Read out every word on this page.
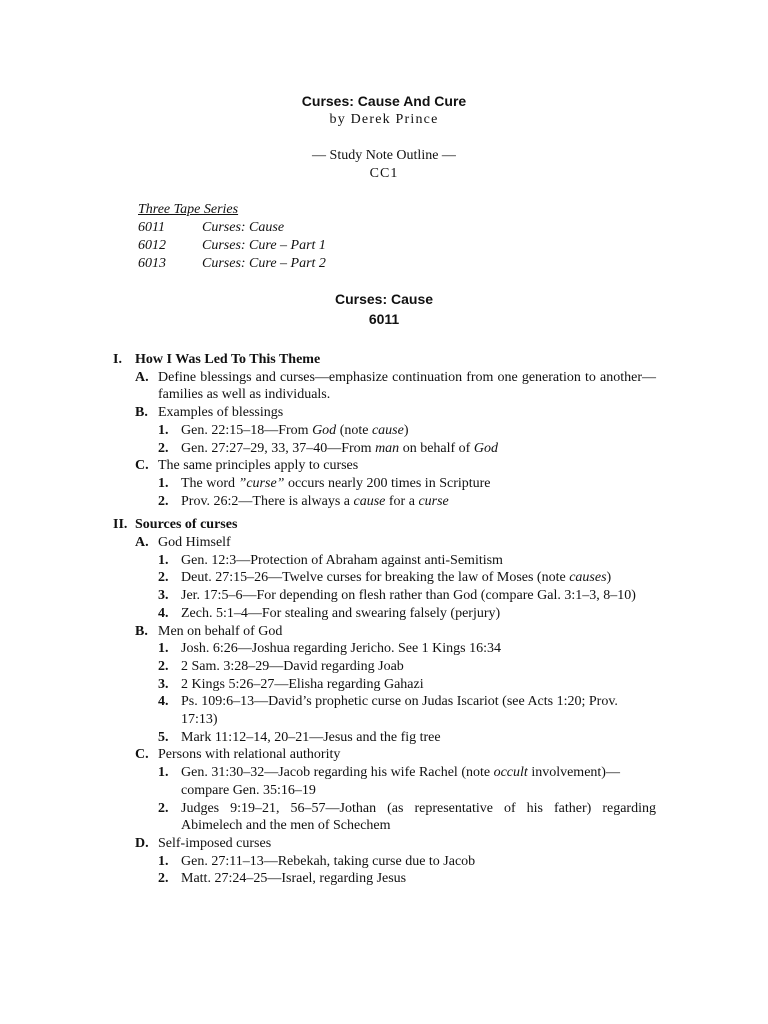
Curses: Cause And Cure
by Derek Prince
— Study Note Outline —
CC1
Three Tape Series
6011	Curses: Cause
6012	Curses: Cure – Part 1
6013	Curses: Cure – Part 2
Curses: Cause
6011
I. How I Was Led To This Theme
A. Define blessings and curses—emphasize continuation from one generation to another—families as well as individuals.
B. Examples of blessings
1. Gen. 22:15–18—From God (note cause)
2. Gen. 27:27–29, 33, 37–40—From man on behalf of God
C. The same principles apply to curses
1. The word ”curse” occurs nearly 200 times in Scripture
2. Prov. 26:2—There is always a cause for a curse
II. Sources of curses
A. God Himself
1. Gen. 12:3—Protection of Abraham against anti-Semitism
2. Deut. 27:15–26—Twelve curses for breaking the law of Moses (note causes)
3. Jer. 17:5–6—For depending on flesh rather than God (compare Gal. 3:1–3, 8–10)
4. Zech. 5:1–4—For stealing and swearing falsely (perjury)
B. Men on behalf of God
1. Josh. 6:26—Joshua regarding Jericho. See 1 Kings 16:34
2. 2 Sam. 3:28–29—David regarding Joab
3. 2 Kings 5:26–27—Elisha regarding Gahazi
4. Ps. 109:6–13—David’s prophetic curse on Judas Iscariot (see Acts 1:20; Prov. 17:13)
5. Mark 11:12–14, 20–21—Jesus and the fig tree
C. Persons with relational authority
1. Gen. 31:30–32—Jacob regarding his wife Rachel (note occult involvement)—compare Gen. 35:16–19
2. Judges 9:19–21, 56–57—Jothan (as representative of his father) regarding Abimelech and the men of Schechem
D. Self-imposed curses
1. Gen. 27:11–13—Rebekah, taking curse due to Jacob
2. Matt. 27:24–25—Israel, regarding Jesus
